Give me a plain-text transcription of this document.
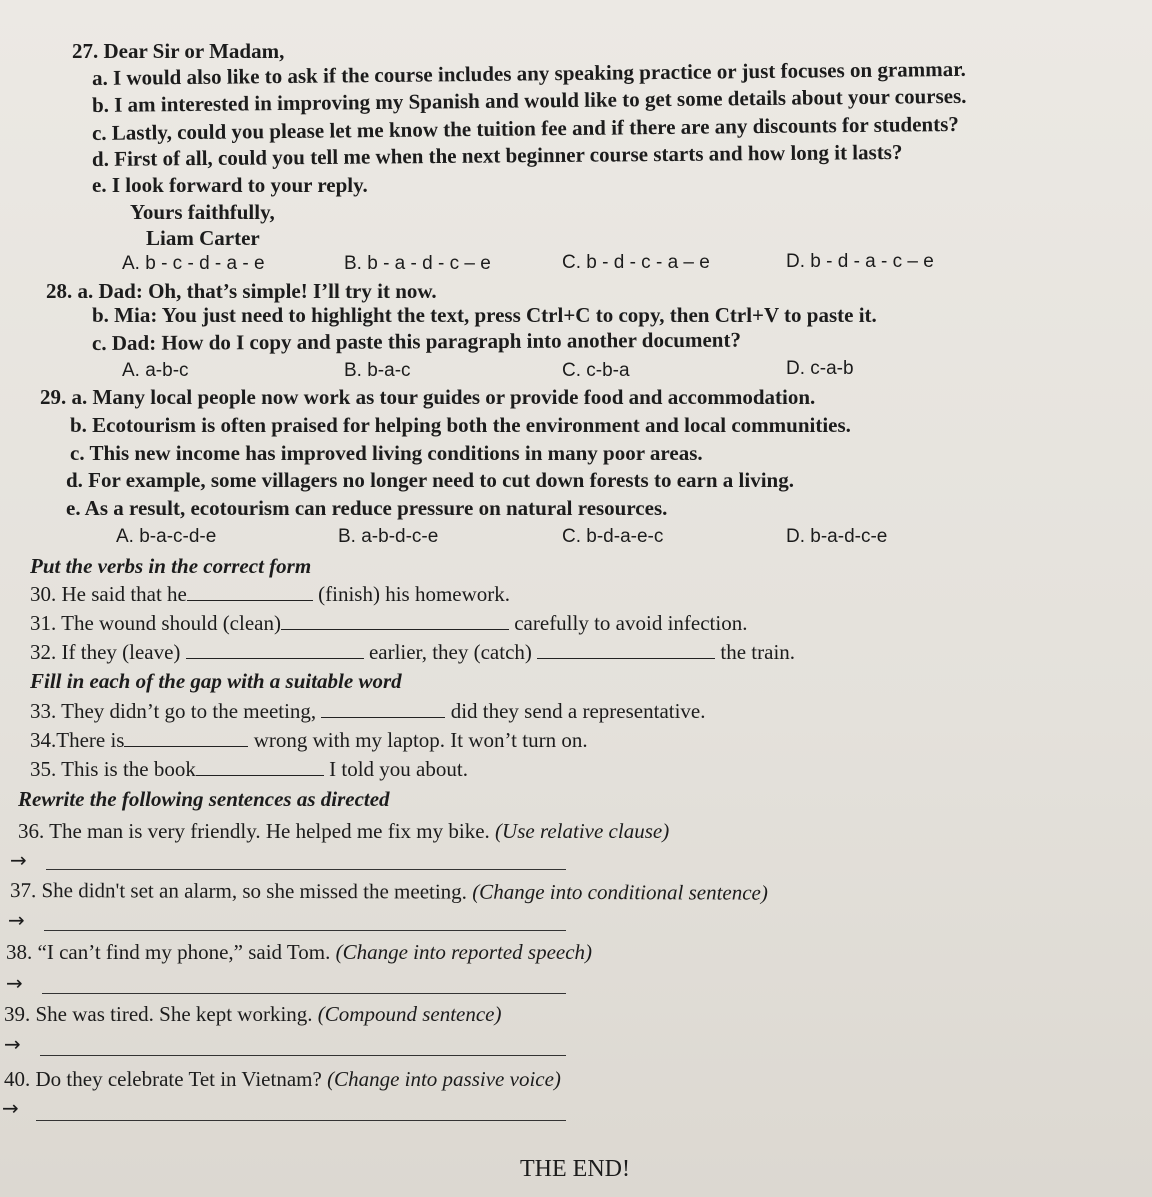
27. Dear Sir or Madam,
a. I would also like to ask if the course includes any speaking practice or just focuses on grammar.
b. I am interested in improving my Spanish and would like to get some details about your courses.
c. Lastly, could you please let me know the tuition fee and if there are any discounts for students?
d. First of all, could you tell me when the next beginner course starts and how long it lasts?
e. I look forward to your reply.
Yours faithfully,
Liam Carter
A. b - c - d - a - e	B. b - a - d - c – e	C. b - d - c - a – e	D. b - d - a - c – e
28. a. Dad: Oh, that’s simple! I’ll try it now.
b. Mia: You just need to highlight the text, press Ctrl+C to copy, then Ctrl+V to paste it.
c. Dad: How do I copy and paste this paragraph into another document?
A. a-b-c	B. b-a-c	C. c-b-a	D. c-a-b
29. a. Many local people now work as tour guides or provide food and accommodation.
b. Ecotourism is often praised for helping both the environment and local communities.
c. This new income has improved living conditions in many poor areas.
d. For example, some villagers no longer need to cut down forests to earn a living.
e. As a result, ecotourism can reduce pressure on natural resources.
A. b-a-c-d-e	B. a-b-d-c-e	C. b-d-a-e-c	D. b-a-d-c-e
Put the verbs in the correct form
30. He said that he	(finish) his homework.
31. The wound should (clean)	carefully to avoid infection.
32. If they (leave)	earlier, they (catch)	the train.
Fill in each of the gap with a suitable word
33. They didn’t go to the meeting,	did they send a representative.
34.There is	wrong with my laptop. It won’t turn on.
35. This is the book	I told you about.
Rewrite the following sentences as directed
36. The man is very friendly. He helped me fix my bike. (Use relative clause)
→
37. She didn't set an alarm, so she missed the meeting. (Change into conditional sentence)
→
38. “I can’t find my phone,” said Tom. (Change into reported speech)
→
39. She was tired. She kept working. (Compound sentence)
→
40. Do they celebrate Tet in Vietnam? (Change into passive voice)
→
THE END!
